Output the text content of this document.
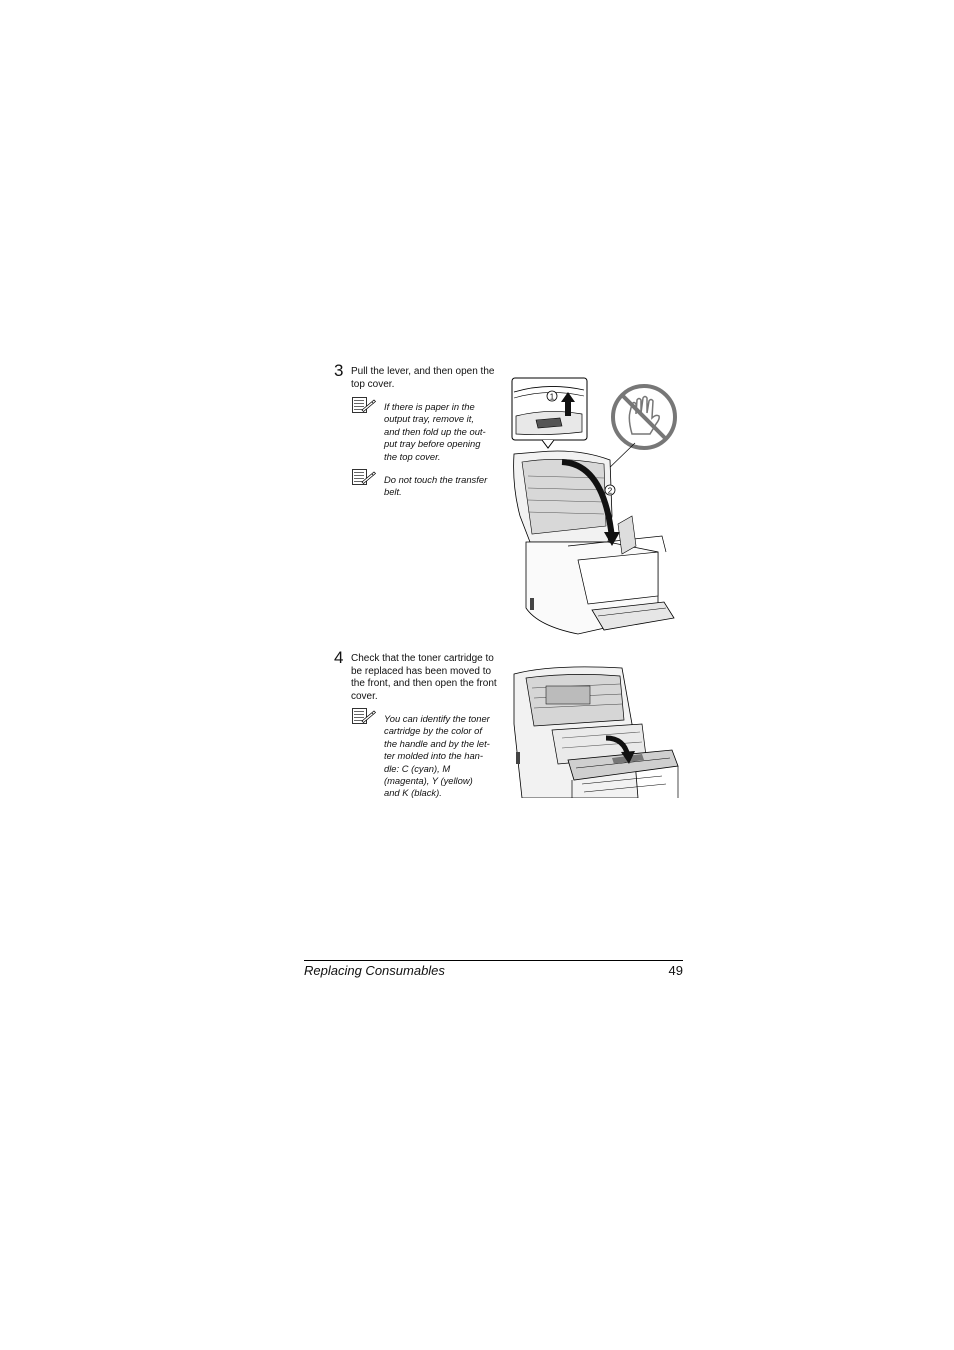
3 Pull the lever, and then open the
top cover.
If there is paper in the
output tray, remove it,
and then fold up the out-
put tray before opening
the top cover.
Do not touch the transfer
belt.
1
2
4 Check that the toner cartridge to
be replaced has been moved to
the front, and then open the front
cover.
You can identify the toner
cartridge by the color of
the handle and by the let-
ter molded into the han-
dle: C (cyan), M
(magenta), Y (yellow)
and K (black).
Replacing Consumables	49
